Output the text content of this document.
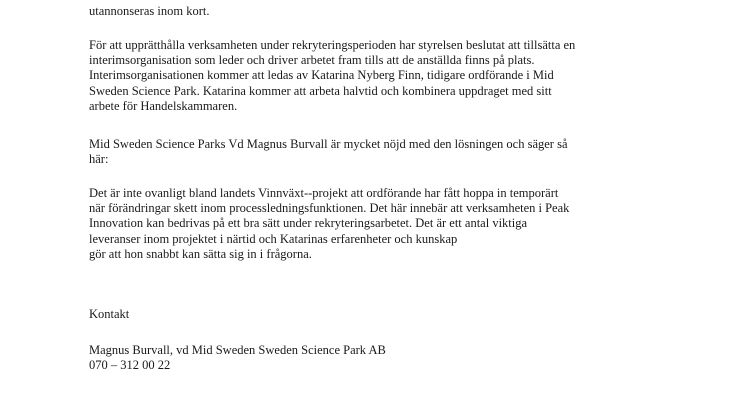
utannonseras inom kort.
För att upprätthålla verksamheten under rekryteringsperioden har styrelsen beslutat att tillsätta en
interimsorganisation som leder och driver arbetet fram tills att de anställda finns på plats.
Interimsorganisationen kommer att ledas av Katarina Nyberg Finn, tidigare ordförande i Mid
Sweden Science Park. Katarina kommer att arbeta halvtid och kombinera uppdraget med sitt
arbete för Handelskammaren.
Mid Sweden Science Parks Vd Magnus Burvall är mycket nöjd med den lösningen och säger så
här:
Det är inte ovanligt bland landets Vinnväxt-‐projekt att ordförande har fått hoppa in temporärt
när förändringar skett inom processledningsfunktionen. Det här innebär att verksamheten i Peak
Innovation kan bedrivas på ett bra sätt under rekryteringsarbetet. Det är ett antal viktiga
leveranser inom projektet i närtid och Katarinas erfarenheter och kunskap
gör att hon snabbt kan sätta sig in i frågorna.
Kontakt
Magnus Burvall, vd Mid Sweden Sweden Science Park AB
070 – 312 00 22
